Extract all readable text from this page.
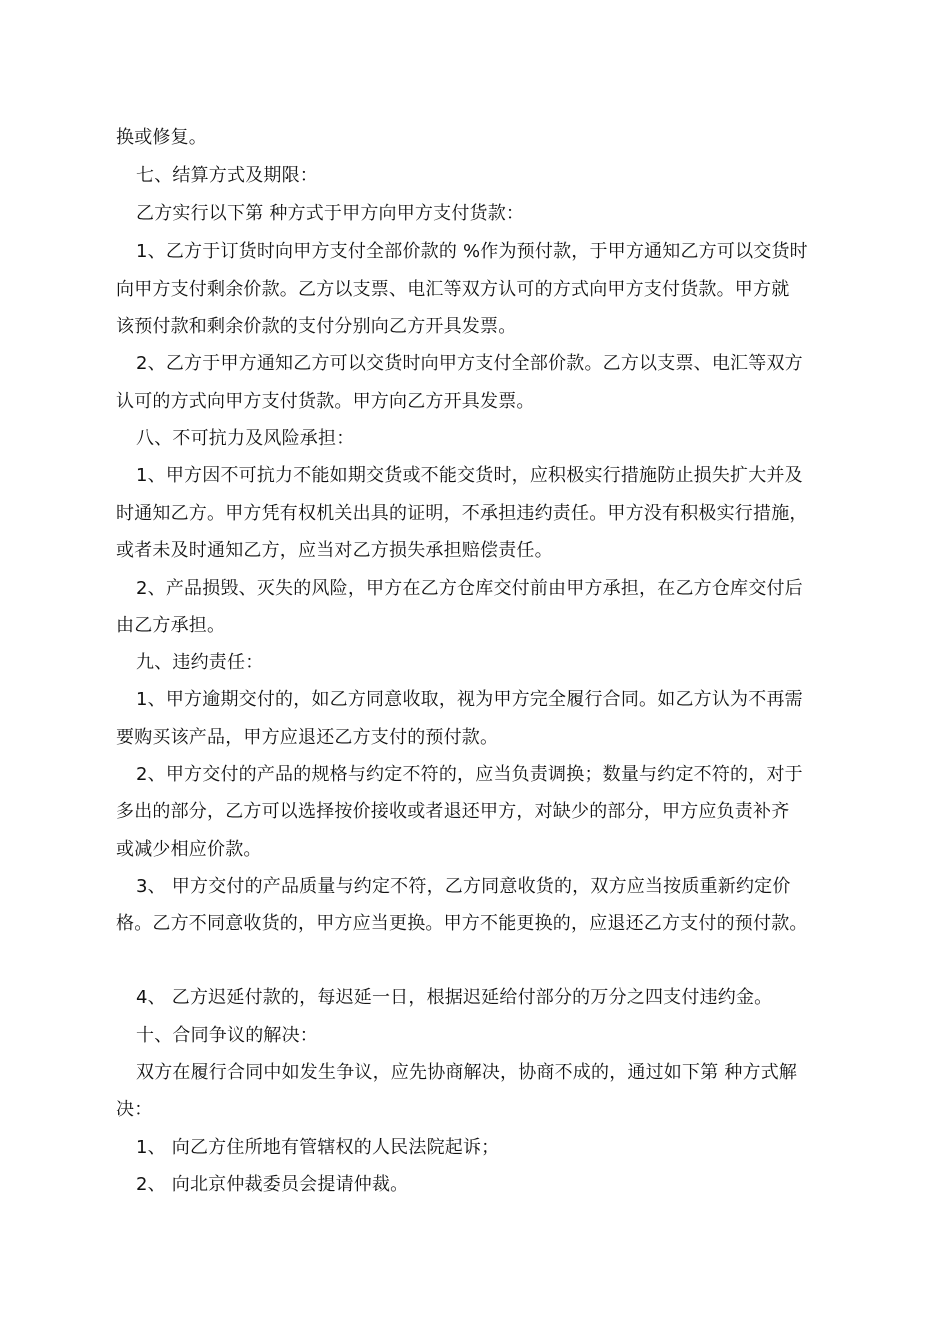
换或修复。
七、结算方式及期限：
乙方实行以下第 种方式于甲方向甲方支付货款：
1、乙方于订货时向甲方支付全部价款的 %作为预付款，于甲方通知乙方可以交货时
向甲方支付剩余价款。乙方以支票、电汇等双方认可的方式向甲方支付货款。甲方就
该预付款和剩余价款的支付分别向乙方开具发票。
2、乙方于甲方通知乙方可以交货时向甲方支付全部价款。乙方以支票、电汇等双方
认可的方式向甲方支付货款。甲方向乙方开具发票。
八、不可抗力及风险承担：
1、甲方因不可抗力不能如期交货或不能交货时，应积极实行措施防止损失扩大并及
时通知乙方。甲方凭有权机关出具的证明，不承担违约责任。甲方没有积极实行措施，
或者未及时通知乙方，应当对乙方损失承担赔偿责任。
2、产品损毁、灭失的风险，甲方在乙方仓库交付前由甲方承担，在乙方仓库交付后
由乙方承担。
九、违约责任：
1、甲方逾期交付的，如乙方同意收取，视为甲方完全履行合同。如乙方认为不再需
要购买该产品，甲方应退还乙方支付的预付款。
2、甲方交付的产品的规格与约定不符的，应当负责调换；数量与约定不符的，对于
多出的部分，乙方可以选择按价接收或者退还甲方，对缺少的部分，甲方应负责补齐
或减少相应价款。
3、 甲方交付的产品质量与约定不符，乙方同意收货的，双方应当按质重新约定价
格。乙方不同意收货的，甲方应当更换。甲方不能更换的，应退还乙方支付的预付款。
4、 乙方迟延付款的，每迟延一日，根据迟延给付部分的万分之四支付违约金。
十、合同争议的解决：
双方在履行合同中如发生争议，应先协商解决，协商不成的，通过如下第 种方式解
决：
1、 向乙方住所地有管辖权的人民法院起诉；
2、 向北京仲裁委员会提请仲裁。
